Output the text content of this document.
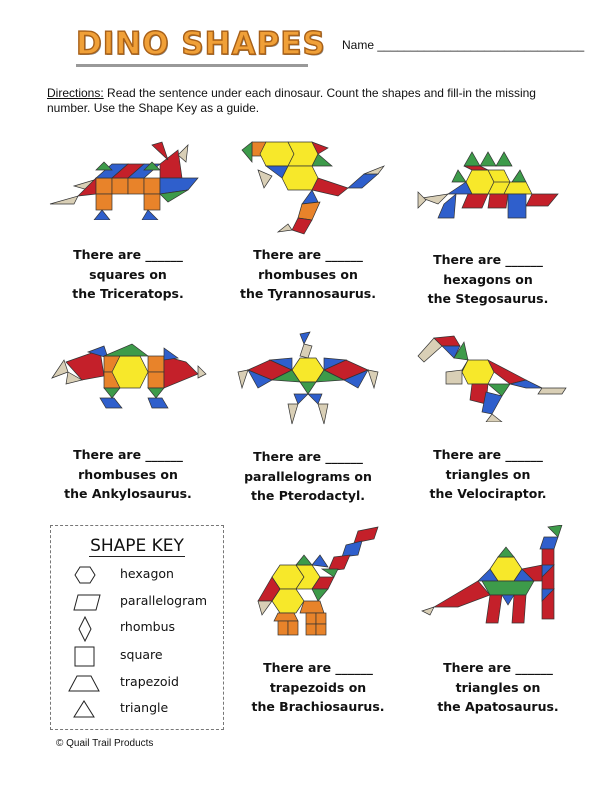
DINO SHAPES Name _______________________________
Directions: Read the sentence under each dinosaur. Count the shapes and fill-in the missing number. Use the Shape Key as a guide.
There are ______
squares on
the Triceratops.
There are ______
rhombuses on
the Tyrannosaurus.
There are ______
hexagons on
the Stegosaurus.
There are ______
rhombuses on
the Ankylosaurus.
There are ______
parallelograms on
the Pterodactyl.
There are ______
triangles on
the Velociraptor.
There are ______
trapezoids on
the Brachiosaurus.
There are ______
triangles on
the Apatosaurus.
SHAPE KEY
hexagon
parallelogram
rhombus
square
trapezoid
triangle
© Quail Trail Products
